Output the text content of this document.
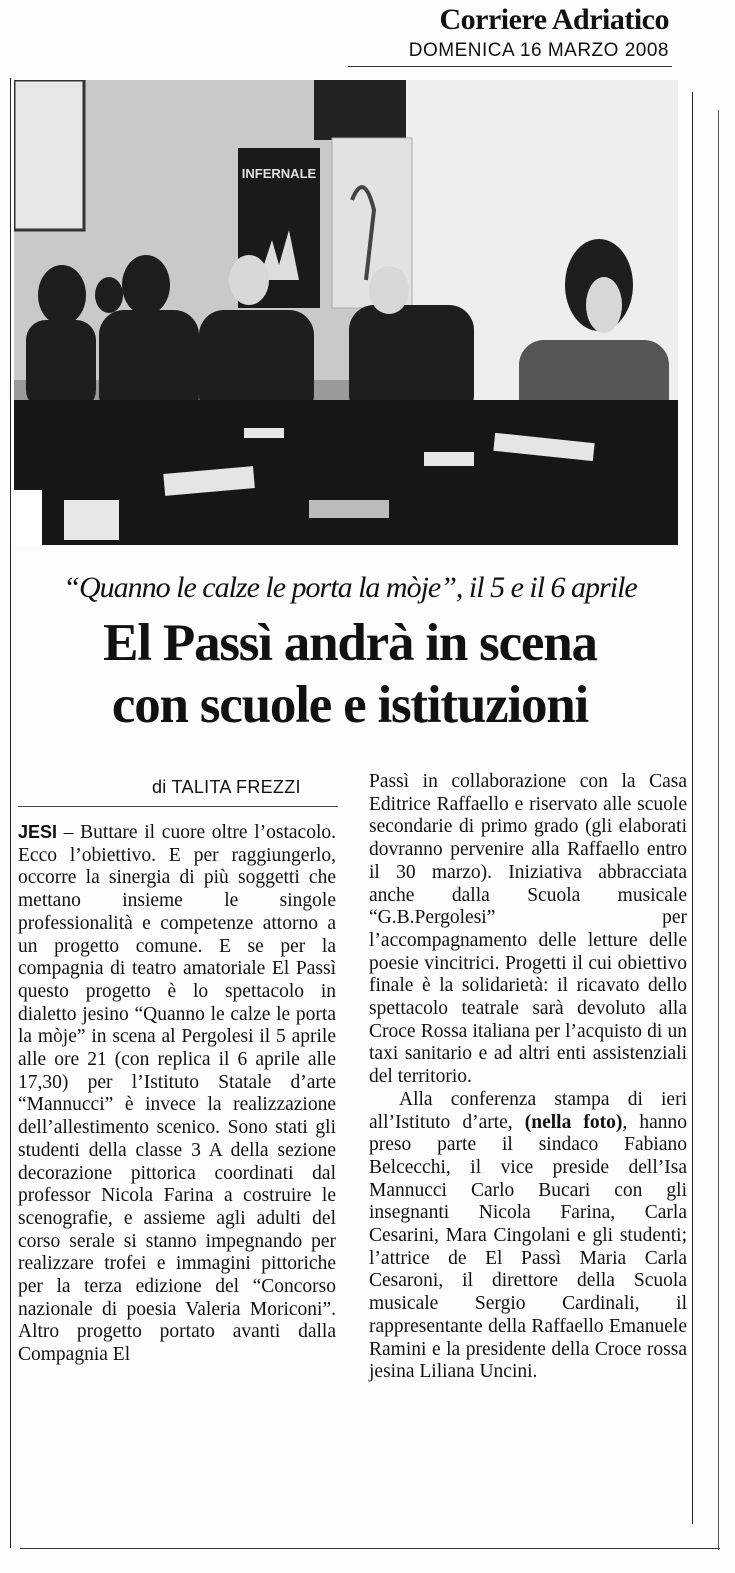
Corriere Adriatico
DOMENICA 16 MARZO 2008
INFERNALE
“Quanno le calze le porta la mòje”, il 5 e il 6 aprile
El Passì andrà in scena
con scuole e istituzioni
di TALITA FREZZI

JESI – Buttare il cuore oltre l’ostacolo. Ecco l’obiettivo. E per raggiungerlo, occorre la sinergia di più soggetti che mettano insieme le singole professionalità e competenze attorno a un progetto comune. E se per la compagnia di teatro amatoriale El Passì questo progetto è lo spettacolo in dialetto jesino “Quanno le calze le porta la mòje” in scena al Pergolesi il 5 aprile alle ore 21 (con replica il 6 aprile alle 17,30) per l’Istituto Statale d’arte “Mannucci” è invece la realizzazione dell’allestimento scenico. Sono stati gli studenti della classe 3 A della sezione decorazione pittorica coordinati dal professor Nicola Farina a costruire le scenografie, e assieme agli adulti del corso serale si stanno impegnando per realizzare trofei e immagini pittoriche per la terza edizione del “Concorso nazionale di poesia Valeria Moriconi”. Altro progetto portato avanti dalla Compagnia El

Passì in collaborazione con la Casa Editrice Raffaello e riservato alle scuole secondarie di primo grado (gli elaborati dovranno pervenire alla Raffaello entro il 30 marzo). Iniziativa abbracciata anche dalla Scuola musicale “G.B.Pergolesi” per l’accompagnamento delle letture delle poesie vincitrici. Progetti il cui obiettivo finale è la solidarietà: il ricavato dello spettacolo teatrale sarà devoluto alla Croce Rossa italiana per l’acquisto di un taxi sanitario e ad altri enti assistenziali del territorio.

Alla conferenza stampa di ieri all’Istituto d’arte, (nella foto), hanno preso parte il sindaco Fabiano Belcecchi, il vice preside dell’Isa Mannucci Carlo Bucari con gli insegnanti Nicola Farina, Carla Cesarini, Mara Cingolani e gli studenti; l’attrice de El Passì Maria Carla Cesaroni, il direttore della Scuola musicale Sergio Cardinali, il rappresentante della Raffaello Emanuele Ramini e la presidente della Croce rossa jesina Liliana Uncini.
